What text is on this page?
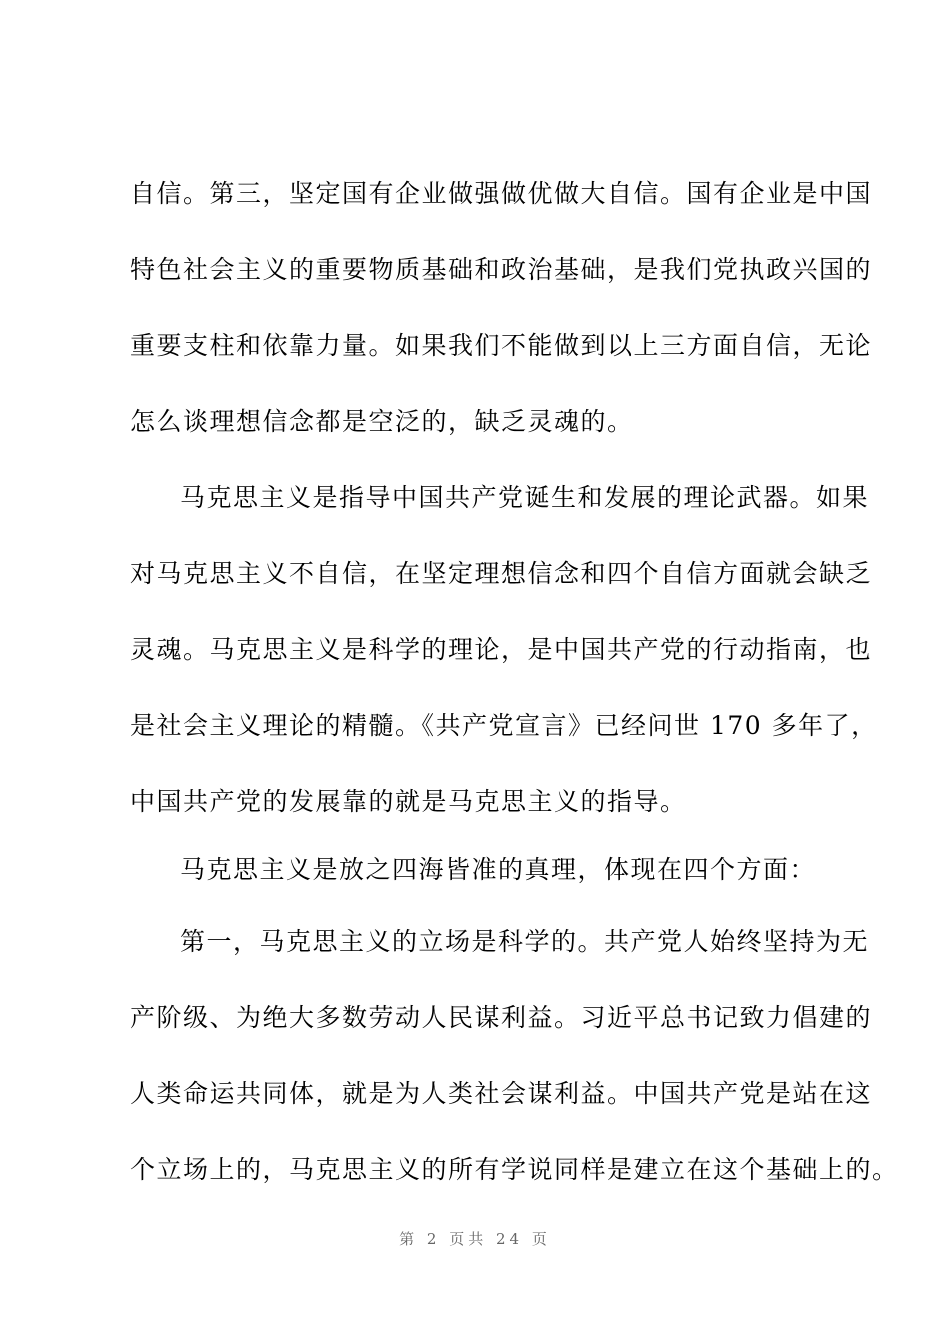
自信。第三，坚定国有企业做强做优做大自信。国有企业是中国
特色社会主义的重要物质基础和政治基础，是我们党执政兴国的
重要支柱和依靠力量。如果我们不能做到以上三方面自信，无论
怎么谈理想信念都是空泛的，缺乏灵魂的。
马克思主义是指导中国共产党诞生和发展的理论武器。如果
对马克思主义不自信，在坚定理想信念和四个自信方面就会缺乏
灵魂。马克思主义是科学的理论，是中国共产党的行动指南，也
是社会主义理论的精髓。《共产党宣言》已经问世 170 多年了，
中国共产党的发展靠的就是马克思主义的指导。
马克思主义是放之四海皆准的真理，体现在四个方面：
第一，马克思主义的立场是科学的。共产党人始终坚持为无
产阶级、为绝大多数劳动人民谋利益。习近平总书记致力倡建的
人类命运共同体，就是为人类社会谋利益。中国共产党是站在这
个立场上的，马克思主义的所有学说同样是建立在这个基础上的。
第 2 页共 24 页
